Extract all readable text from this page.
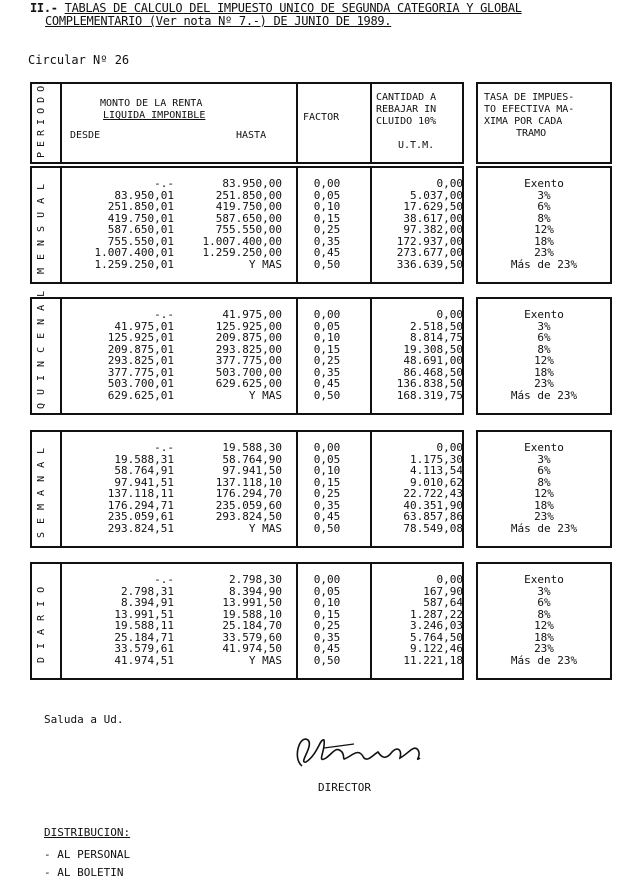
II.- TABLAS DE CALCULO DEL IMPUESTO UNICO DE SEGUNDA CATEGORIA Y GLOBAL
COMPLEMENTARIO (Ver nota Nº 7.-) DE JUNIO DE 1989.
Circular Nº 26
PERIODO	MONTO DE LA RENTA
LIQUIDA IMPONIBLE
DESDE	HASTA
FACTOR
CANTIDAD A
REBAJAR IN
CLUIDO 10%
U.T.M.
TASA DE IMPUES-
TO EFECTIVA MA-
XIMA POR CADA
TRAMO
MENSUAL	-.-	83.950,00	0,00	0,00	Exento
83.950,01	251.850,00	0,05	5.037,00	3%
251.850,01	419.750,00	0,10	17.629,50	6%
419.750,01	587.650,00	0,15	38.617,00	8%
587.650,01	755.550,00	0,25	97.382,00	12%
755.550,01	1.007.400,00	0,35	172.937,00	18%
1.007.400,01	1.259.250,00	0,45	273.677,00	23%
1.259.250,01	Y MAS	0,50	336.639,50	Más de 23%
QUINCENAL	-.-	41.975,00	0,00	0,00	Exento
41.975,01	125.925,00	0,05	2.518,50	3%
125.925,01	209.875,00	0,10	8.814,75	6%
209.875,01	293.825,00	0,15	19.308,50	8%
293.825,01	377.775,00	0,25	48.691,00	12%
377.775,01	503.700,00	0,35	86.468,50	18%
503.700,01	629.625,00	0,45	136.838,50	23%
629.625,01	Y MAS	0,50	168.319,75	Más de 23%
SEMANAL	-.-	19.588,30	0,00	0,00	Exento
19.588,31	58.764,90	0,05	1.175,30	3%
58.764,91	97.941,50	0,10	4.113,54	6%
97.941,51	137.118,10	0,15	9.010,62	8%
137.118,11	176.294,70	0,25	22.722,43	12%
176.294,71	235.059,60	0,35	40.351,90	18%
235.059,61	293.824,50	0,45	63.857,86	23%
293.824,51	Y MAS	0,50	78.549,08	Más de 23%
DIARIO	-.-	2.798,30	0,00	0,00	Exento
2.798,31	8.394,90	0,05	167,90	3%
8.394,91	13.991,50	0,10	587,64	6%
13.991,51	19.588,10	0,15	1.287,22	8%
19.588,11	25.184,70	0,25	3.246,03	12%
25.184,71	33.579,60	0,35	5.764,50	18%
33.579,61	41.974,50	0,45	9.122,46	23%
41.974,51	Y MAS	0,50	11.221,18	Más de 23%
Saluda a Ud.
DIRECTOR
DISTRIBUCION:
- AL PERSONAL
- AL BOLETIN
